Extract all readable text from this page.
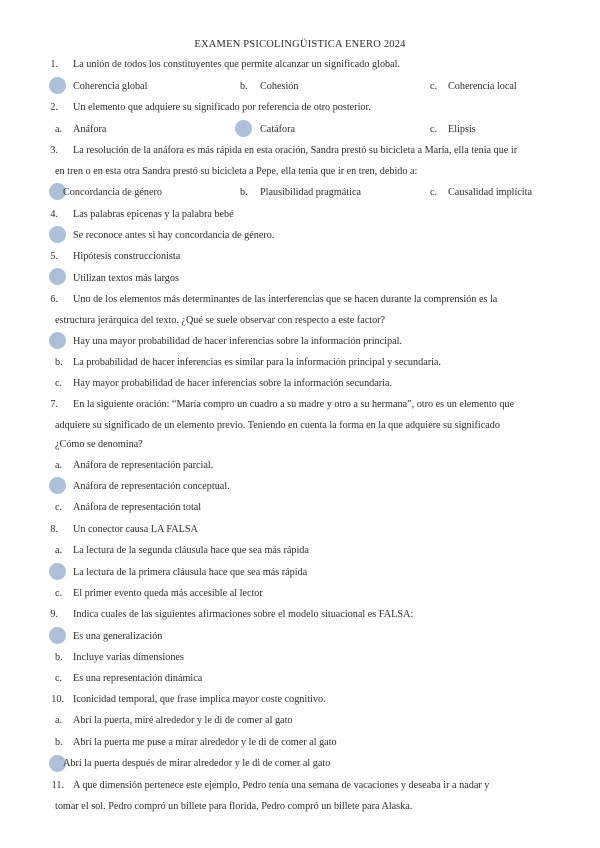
EXAMEN PSICOLINGÜISTICA ENERO 2024
1. La unión de todos los constituyentes que permite alcanzar un significado global.
Coherencia global	b. Cohesión	c. Coherencia local
2. Un elemento que adquiere su significado por referencia de otro posterior.
a. Anáfora	Catáfora	c. Elipsis
3. La resolución de la anáfora es más rápida en esta oración, Sandra prestó su bicicleta a María, ella tenia que ir
en tren o en esta otra Sandra prestó su bicicleta a Pepe, ella tenia que ir en tren, debido a:
Concordancia de género	b. Plausibilidad pragmática	c. Causalidad implícita
4. Las palabras epicenas y la palabra bebé
Se reconoce antes si hay concordancia de género.
5. Hipótesis construccionista
Utilizan textos más largos
6. Uno de los elementos más determinantes de las interferencias que se hacen durante la comprensión es la
estructura jerárquica del texto. ¿Qué se suele observar con respecto a este factor?
Hay una mayor probabilidad de hacer inferencias sobre la información principal.
b. La probabilidad de hacer inferencias es similar para la información principal y secundaria.
c. Hay mayor probabilidad de hacer inferencias sobre la información secundaria.
7. En la siguiente oración: “María compro un cuadro a su madre y otro a su hermana”, otro es un elemento que
adquiere su significado de un elemento previo. Teniendo en cuenta la forma en la que adquiere su significado
¿Cómo se denomina?
a. Anáfora de representación parcial.
Anáfora de representación conceptual.
c. Anáfora de representación total
8. Un conector causa LA FALSA
a. La lectura de la segunda cláusula hace que sea más rápida
La lectura de la primera cláusula hace que sea más rápida
c. El primer evento queda más accesible al lector
9. Indica cuales de las siguientes afirmaciones sobre el modelo situacional es FALSA:
Es una generalización
b. Incluye varias dimensiones
c. Es una representación dinámica
10. Iconicidad temporal, que frase implica mayor coste cognitivo.
a. Abrí la puerta, miré alrededor y le di de comer al gato
b. Abrí la puerta me puse a mirar alrededor y le di de comer al gato
Abrí la puerta después de mirar alrededor y le di de comer al gato
11. A que dimensión pertenece este ejemplo, Pedro tenía una semana de vacaciones y deseaba ir a nadar y
tomar el sol. Pedro compró un billete para florida, Pedro compró un billete para Alaska.
